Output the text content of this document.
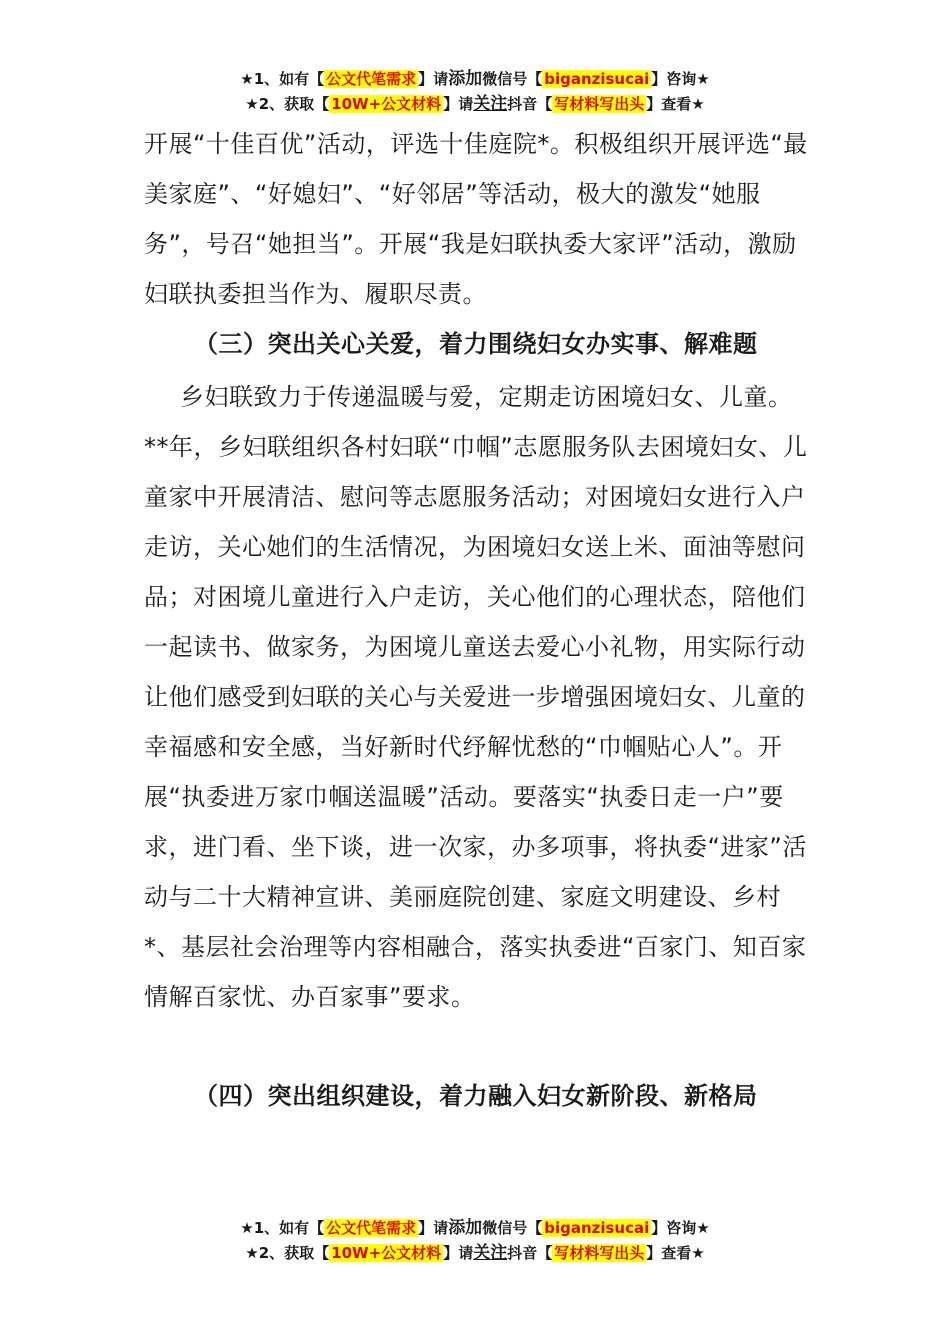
★1、如有【 公文代笔需求 】请添加微信号【 biganzisucai 】咨询★
★2、获取【 10W+公文材料 】请关注抖音【 写材料写出头 】查看★

开展“十佳百优”活动，评选十佳庭院*。积极组织开展评选“最美家庭”、“好媳妇”、“好邻居”等活动，极大的激发“她服务”，号召“她担当”。开展“我是妇联执委大家评”活动，激励妇联执委担当作为、履职尽责。

（三）突出关心关爱，着力围绕妇女办实事、解难题

乡妇联致力于传递温暖与爱，定期走访困境妇女、儿童。**年，乡妇联组织各村妇联“巾帼”志愿服务队去困境妇女、儿童家中开展清洁、慰问等志愿服务活动；对困境妇女进行入户走访，关心她们的生活情况，为困境妇女送上米、面油等慰问品；对困境儿童进行入户走访，关心他们的心理状态，陪他们一起读书、做家务，为困境儿童送去爱心小礼物，用实际行动让他们感受到妇联的关心与关爱进一步增强困境妇女、儿童的幸福感和安全感，当好新时代纾解忧愁的“巾帼贴心人”。开展“执委进万家巾帼送温暖”活动。要落实“执委日走一户”要求，进门看、坐下谈，进一次家，办多项事，将执委“进家”活动与二十大精神宣讲、美丽庭院创建、家庭文明建设、乡村*、基层社会治理等内容相融合，落实执委进“百家门、知百家情解百家忧、办百家事”要求。

（四）突出组织建设，着力融入妇女新阶段、新格局
★1、如有【 公文代笔需求 】请添加微信号【 biganzisucai 】咨询★
★2、获取【 10W+公文材料 】请关注抖音【 写材料写出头 】查看★
